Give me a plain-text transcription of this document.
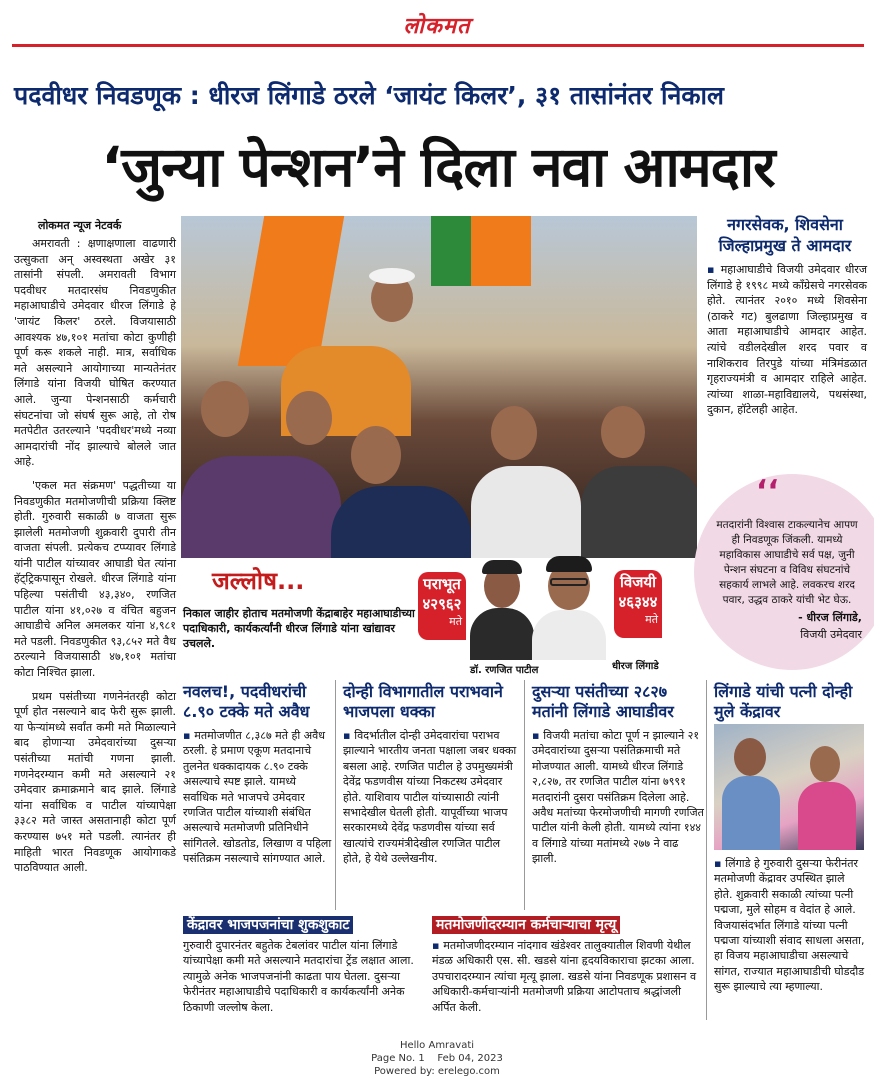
लोकमत
पदवीधर निवडणूक : धीरज लिंगाडे ठरले ‘जायंट किलर’, ३१ तासांनंतर निकाल
‘जुन्या पेन्शन’ने दिला नवा आमदार
लोकमत न्यूज नेटवर्क

अमरावती : क्षणाक्षणाला वाढणारी उत्सुकता अन् अस्वस्थता अखेर ३१ तासांनी संपली. अमरावती विभाग पदवीधर मतदारसंघ निवडणुकीत महाआघाडीचे उमेदवार धीरज लिंगाडे हे 'जायंट किलर' ठरले. विजयासाठी आवश्यक ४७,१०१ मतांचा कोटा कुणीही पूर्ण करू शकले नाही. मात्र, सर्वाधिक मते असल्याने आयोगाच्या मान्यतेनंतर लिंगाडे यांना विजयी घोषित करण्यात आले. जुन्या पेन्शनसाठी कर्मचारी संघटनांचा जो संघर्ष सुरू आहे, तो रोष मतपेटीत उतरल्याने 'पदवीधर'मध्ये नव्या आमदारांची नोंद झाल्याचे बोलले जात आहे.

'एकल मत संक्रमण' पद्धतीच्या या निवडणुकीत मतमोजणीची प्रक्रिया क्लिष्ट होती. गुरुवारी सकाळी ७ वाजता सुरू झालेली मतमोजणी शुक्रवारी दुपारी तीन वाजता संपली. प्रत्येकच टप्प्यावर लिंगाडे यांनी पाटील यांच्यावर आघाडी घेत त्यांना हॅट्ट्रिकपासून रोखले. धीरज लिंगाडे यांना पहिल्या पसंतीची ४३,३४०, रणजित पाटील यांना ४१,०२७ व वंचित बहुजन आघाडीचे अनिल अमलकर यांना ४,९८१ मते पडली. निवडणुकीत ९३,८५२ मते वैध ठरल्याने विजयासाठी ४७,१०१ मतांचा कोटा निश्चित झाला.

प्रथम पसंतीच्या गणनेनंतरही कोटा पूर्ण होत नसल्याने बाद फेरी सुरू झाली. या फेऱ्यांमध्ये सर्वांत कमी मते मिळाल्याने बाद होणाऱ्या उमेदवारांच्या दुसऱ्या पसंतीच्या मतांची गणना झाली. गणनेदरम्यान कमी मते असल्याने २१ उमेदवार क्रमाक्रमाने बाद झाले. लिंगाडे यांना सर्वाधिक व पाटील यांच्यापेक्षा ३३८२ मते जास्त असतानाही कोटा पूर्ण करण्यास ७५१ मते पडली. त्यानंतर ही माहिती भारत निवडणूक आयोगाकडे पाठविण्यात आली.

नगरसेवक, शिवसेना जिल्हाप्रमुख ते आमदार
▪ महाआघाडीचे विजयी उमेदवार धीरज लिंगाडे हे १९९८ मध्ये काँग्रेसचे नगरसेवक होते. त्यानंतर २०१० मध्ये शिवसेना (ठाकरे गट) बुलढाणा जिल्हाप्रमुख व आता महाआघाडीचे आमदार आहेत. त्यांचे वडीलदेखील शरद पवार व नाशिकराव तिरपुडे यांच्या मंत्रिमंडळात गृहराज्यमंत्री व आमदार राहिले आहेत. त्यांच्या शाळा-महाविद्यालये, पथसंस्था, दुकान, हॉटेलही आहेत.
‘‘
मतदारांनी विश्वास टाकल्यानेच आपण ही निवडणूक जिंकली. यामध्ये महाविकास आघाडीचे सर्व पक्ष, जुनी पेन्शन संघटना व विविध संघटनांचे सहकार्य लाभले आहे. लवकरच शरद पवार, उद्धव ठाकरे यांची भेट घेऊ.
- धीरज लिंगाडे,
विजयी उमेदवार
जल्लोष...
निकाल जाहीर होताच मतमोजणी केंद्राबाहेर महाआघाडीच्या पदाधिकारी, कार्यकर्त्यांनी धीरज लिंगाडे यांना खांद्यावर उचलले.
पराभूत
४२९६२
मते
डॉ. रणजित पाटील
विजयी
४६३४४
मते
धीरज लिंगाडे
नवलच!, पदवीधरांची ८.९० टक्के मते अवैध
▪ मतमोजणीत ८,३८७ मते ही अवैध ठरली. हे प्रमाण एकूण मतदानाचे तुलनेत धक्कादायक ८.९० टक्के असल्याचे स्पष्ट झाले. यामध्ये सर्वाधिक मते भाजपचे उमेदवार रणजित पाटील यांच्याशी संबंधित असल्याचे मतमोजणी प्रतिनिधीने सांगितले. खोडतोड, लिखाण व पहिला पसंतिक्रम नसल्याचे सांगण्यात आले.
दोन्ही विभागातील पराभवाने भाजपला धक्का
▪ विदर्भातील दोन्ही उमेदवारांचा पराभव झाल्याने भारतीय जनता पक्षाला जबर धक्का बसला आहे. रणजित पाटील हे उपमुख्यमंत्री देवेंद्र फडणवीस यांच्या निकटस्थ उमेदवार होते. याशिवाय पाटील यांच्यासाठी त्यांनी सभादेखील घेतली होती. यापूर्वीच्या भाजप सरकारमध्ये देवेंद्र फडणवीस यांच्या सर्व खात्यांचे राज्यमंत्रीदेखील रणजित पाटील होते, हे येथे उल्लेखनीय.
दुसऱ्या पसंतीच्या २८२७ मतांनी लिंगाडे आघाडीवर
▪ विजयी मतांचा कोटा पूर्ण न झाल्याने २१ उमेदवारांच्या दुसऱ्या पसंतिक्रमाची मते मोजण्यात आली. यामध्ये धीरज लिंगाडे २,८२७, तर रणजित पाटील यांना ७९९१ मतदारांनी दुसरा पसंतिक्रम दिलेला आहे. अवैध मतांच्या फेरमोजणीची मागणी रणजित पाटील यांनी केली होती. यामध्ये त्यांना १४४ व लिंगाडे यांच्या मतांमध्ये २७७ ने वाढ झाली.
लिंगाडे यांची पत्नी दोन्ही मुले केंद्रावर
▪ लिंगाडे हे गुरुवारी दुसऱ्या फेरीनंतर मतमोजणी केंद्रावर उपस्थित झाले होते. शुक्रवारी सकाळी त्यांच्या पत्नी पद्मजा, मुले सोहम व वेदांत हे आले. विजयासंदर्भात लिंगाडे यांच्या पत्नी पद्मजा यांच्याशी संवाद साधला असता, हा विजय महाआघाडीचा असल्याचे सांगत, राज्यात महाआघाडीची घोडदौड सुरू झाल्याचे त्या म्हणाल्या.
केंद्रावर भाजपजनांचा शुकशुकाट
गुरुवारी दुपारनंतर बहुतेक टेबलांवर पाटील यांना लिंगाडे यांच्यापेक्षा कमी मते असल्याने मतदारांचा ट्रेंड लक्षात आला. त्यामुळे अनेक भाजपजनांनी काढता पाय घेतला. दुसऱ्या फेरीनंतर महाआघाडीचे पदाधिकारी व कार्यकर्त्यांनी अनेक ठिकाणी जल्लोष केला.
मतमोजणीदरम्यान कर्मचाऱ्याचा मृत्यू
▪ मतमोजणीदरम्यान नांदगाव खंडेश्वर तालुक्यातील शिवणी येथील मंडळ अधिकारी एस. सी. खडसे यांना हृदयविकाराचा झटका आला. उपचारादरम्यान त्यांचा मृत्यू झाला. खडसे यांना निवडणूक प्रशासन व अधिकारी-कर्मचाऱ्यांनी मतमोजणी प्रक्रिया आटोपताच श्रद्धांजली अर्पित केली.
Hello Amravati
Page No. 1    Feb 04, 2023
Powered by: erelego.com
